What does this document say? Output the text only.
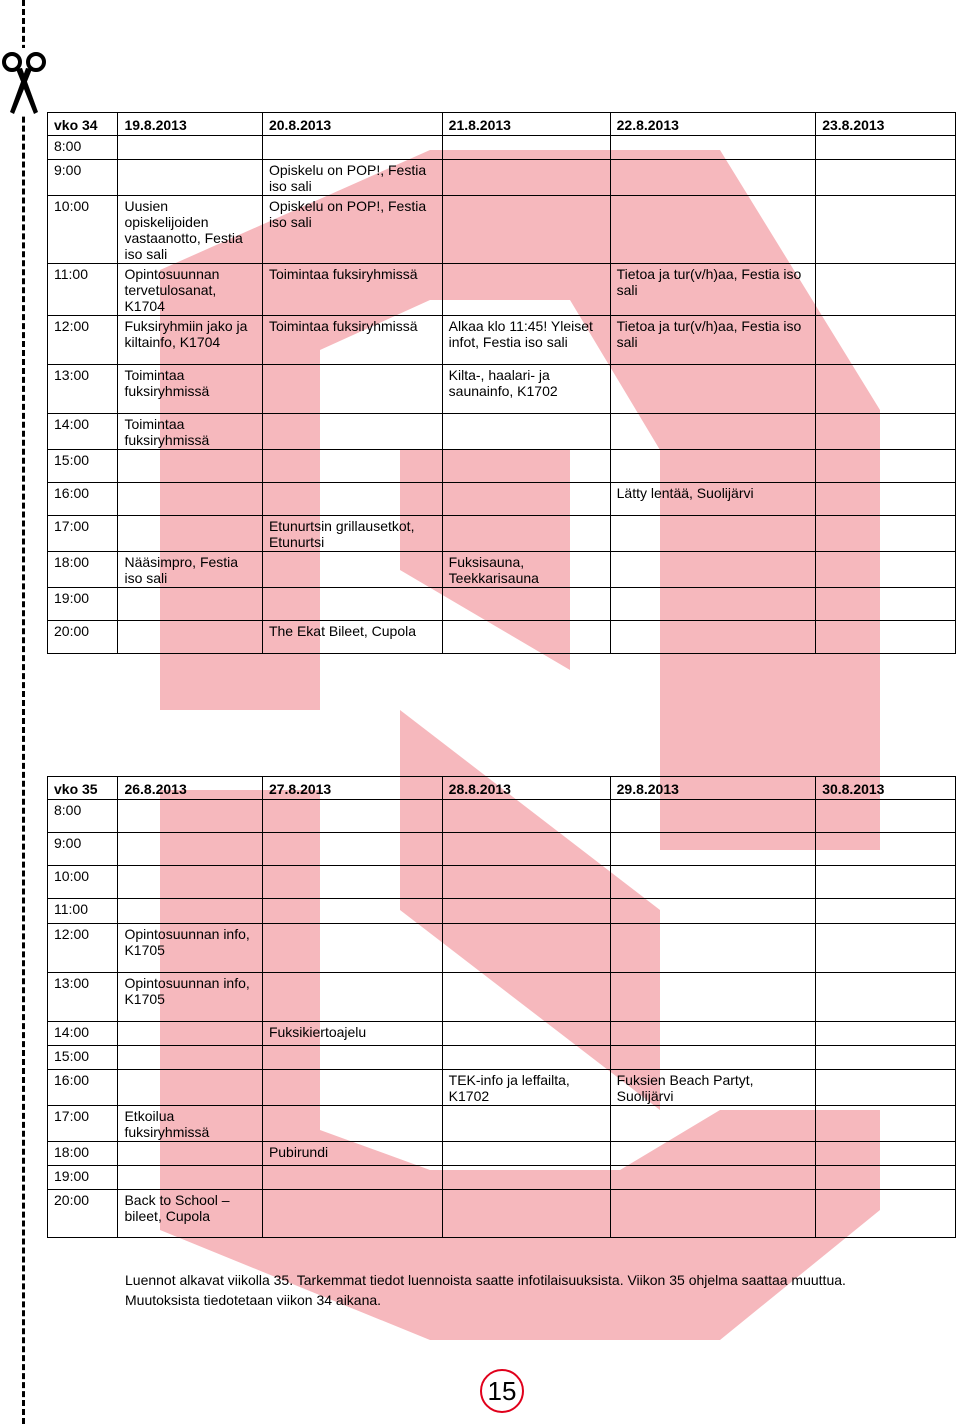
vko 34	19.8.2013	20.8.2013	21.8.2013	22.8.2013	23.8.2013
8:00					
9:00		Opiskelu on POP!, Festia iso sali			
10:00	Uusien opiskelijoiden vastaanotto, Festia iso sali	Opiskelu on POP!, Festia iso sali			
11:00	Opintosuunnan tervetulosanat, K1704	Toimintaa fuksiryhmissä		Tietoa ja tur(v/h)aa, Festia iso sali	
12:00	Fuksiryhmiin jako ja kiltainfo, K1704	Toimintaa fuksiryhmissä	Alkaa klo 11:45! Yleiset infot, Festia iso sali	Tietoa ja tur(v/h)aa, Festia iso sali	
13:00	Toimintaa fuksiryhmissä		Kilta-, haalari- ja saunainfo, K1702		
14:00	Toimintaa fuksiryhmissä				
15:00					
16:00				Lätty lentää, Suolijärvi	
17:00		Etunurtsin grillausetkot, Etunurtsi			
18:00	Nääsimpro, Festia iso sali		Fuksisauna, Teekkarisauna		
19:00					
20:00		The Ekat Bileet, Cupola			
vko 35	26.8.2013	27.8.2013	28.8.2013	29.8.2013	30.8.2013
8:00					
9:00					
10:00					
11:00					
12:00	Opintosuunnan info, K1705				
13:00	Opintosuunnan info, K1705				
14:00		Fuksikiertoajelu			
15:00					
16:00			TEK-info ja leffailta, K1702	Fuksien Beach Partyt, Suolijärvi	
17:00	Etkoilua fuksiryhmissä				
18:00		Pubirundi			
19:00					
20:00	Back to School – bileet, Cupola				
Luennot alkavat viikolla 35. Tarkemmat tiedot luennoista saatte infotilaisuuksista. Viikon 35 ohjelma saattaa muuttua.
Muutoksista tiedotetaan viikon 34 aikana.
15
